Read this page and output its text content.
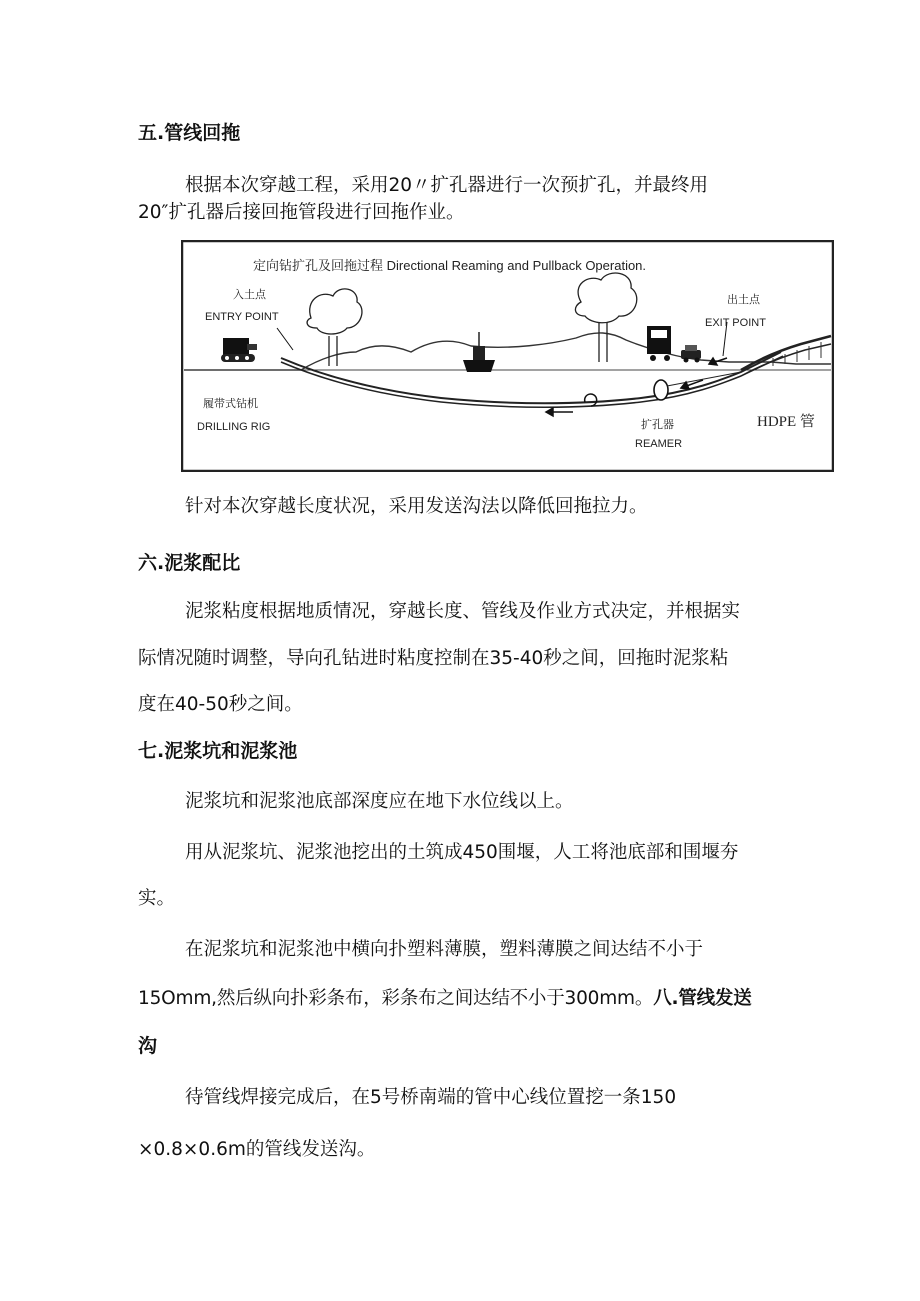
五.管线回拖
根据本次穿越工程，采用20〃扩孔器进行一次预扩孔，并最终用
20″扩孔器后接回拖管段进行回拖作业。
定向钻扩孔及回拖过程 Directional Reaming and Pullback Operation.
入土点
ENTRY POINT
出土点
EXIT POINT
履带式钻机
DRILLING RIG	扩孔器
REAMER
HDPE 管
针对本次穿越长度状况，采用发送沟法以降低回拖拉力。
六.泥浆配比
泥浆粘度根据地质情况，穿越长度、管线及作业方式决定，并根据实
际情况随时调整，导向孔钻进时粘度控制在35-40秒之间，回拖时泥浆粘
度在40-50秒之间。
七.泥浆坑和泥浆池
泥浆坑和泥浆池底部深度应在地下水位线以上。
用从泥浆坑、泥浆池挖出的土筑成450围堰，人工将池底部和围堰夯
实。
在泥浆坑和泥浆池中横向扑塑料薄膜，塑料薄膜之间达结不小于
15Omm,然后纵向扑彩条布，彩条布之间达结不小于300mm。八.管线发送
沟
待管线焊接完成后，在5号桥南端的管中心线位置挖一条150
×0.8×0.6m的管线发送沟。
